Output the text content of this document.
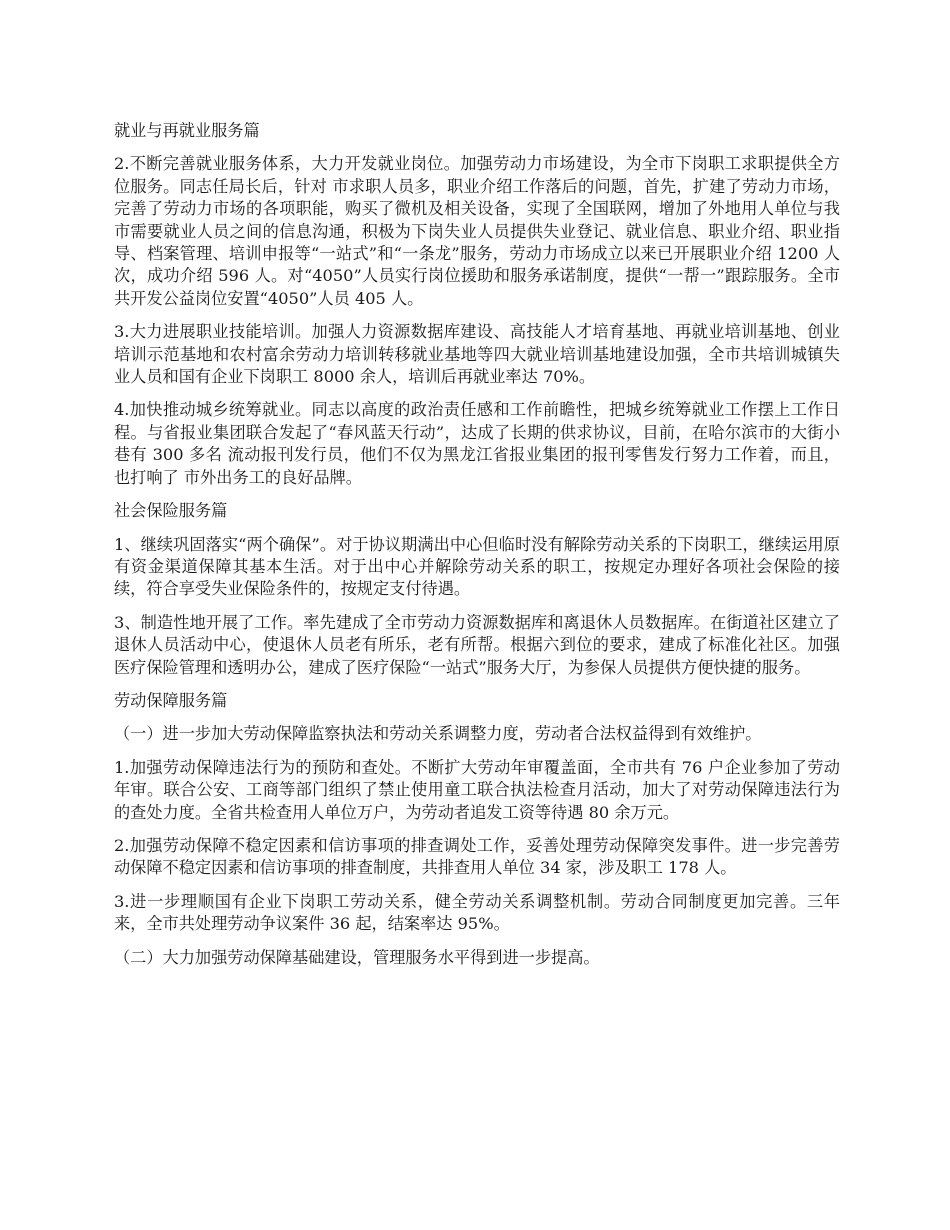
就业与再就业服务篇

2.不断完善就业服务体系，大力开发就业岗位。加强劳动力市场建设，为全市下岗职工求职提供全方位服务。同志任局长后，针对 市求职人员多，职业介绍工作落后的问题，首先，扩建了劳动力市场，完善了劳动力市场的各项职能，购买了微机及相关设备，实现了全国联网，增加了外地用人单位与我市需要就业人员之间的信息沟通，积极为下岗失业人员提供失业登记、就业信息、职业介绍、职业指导、档案管理、培训申报等“一站式”和“一条龙”服务，劳动力市场成立以来已开展职业介绍 1200 人次，成功介绍 596 人。对“4050”人员实行岗位援助和服务承诺制度，提供“一帮一”跟踪服务。全市共开发公益岗位安置“4050”人员 405 人。

3.大力进展职业技能培训。加强人力资源数据库建设、高技能人才培育基地、再就业培训基地、创业培训示范基地和农村富余劳动力培训转移就业基地等四大就业培训基地建设加强，全市共培训城镇失业人员和国有企业下岗职工 8000 余人，培训后再就业率达 70%。

4.加快推动城乡统筹就业。同志以高度的政治责任感和工作前瞻性，把城乡统筹就业工作摆上工作日程。与省报业集团联合发起了“春风蓝天行动”，达成了长期的供求协议，目前，在哈尔滨市的大街小巷有 300 多名 流动报刊发行员，他们不仅为黑龙江省报业集团的报刊零售发行努力工作着，而且，也打响了 市外出务工的良好品牌。

社会保险服务篇

1、继续巩固落实“两个确保”。对于协议期满出中心但临时没有解除劳动关系的下岗职工，继续运用原有资金渠道保障其基本生活。对于出中心并解除劳动关系的职工，按规定办理好各项社会保险的接续，符合享受失业保险条件的，按规定支付待遇。

3、制造性地开展了工作。率先建成了全市劳动力资源数据库和离退休人员数据库。在街道社区建立了退休人员活动中心，使退休人员老有所乐，老有所帮。根据六到位的要求，建成了标准化社区。加强医疗保险管理和透明办公，建成了医疗保险“一站式”服务大厅，为参保人员提供方便快捷的服务。

劳动保障服务篇

（一）进一步加大劳动保障监察执法和劳动关系调整力度，劳动者合法权益得到有效维护。

1.加强劳动保障违法行为的预防和查处。不断扩大劳动年审覆盖面，全市共有 76 户企业参加了劳动年审。联合公安、工商等部门组织了禁止使用童工联合执法检查月活动，加大了对劳动保障违法行为的查处力度。全省共检查用人单位万户，为劳动者追发工资等待遇 80 余万元。

2.加强劳动保障不稳定因素和信访事项的排查调处工作，妥善处理劳动保障突发事件。进一步完善劳动保障不稳定因素和信访事项的排查制度，共排查用人单位 34 家，涉及职工 178 人。

3.进一步理顺国有企业下岗职工劳动关系，健全劳动关系调整机制。劳动合同制度更加完善。三年来，全市共处理劳动争议案件 36 起，结案率达 95%。

（二）大力加强劳动保障基础建设，管理服务水平得到进一步提高。
